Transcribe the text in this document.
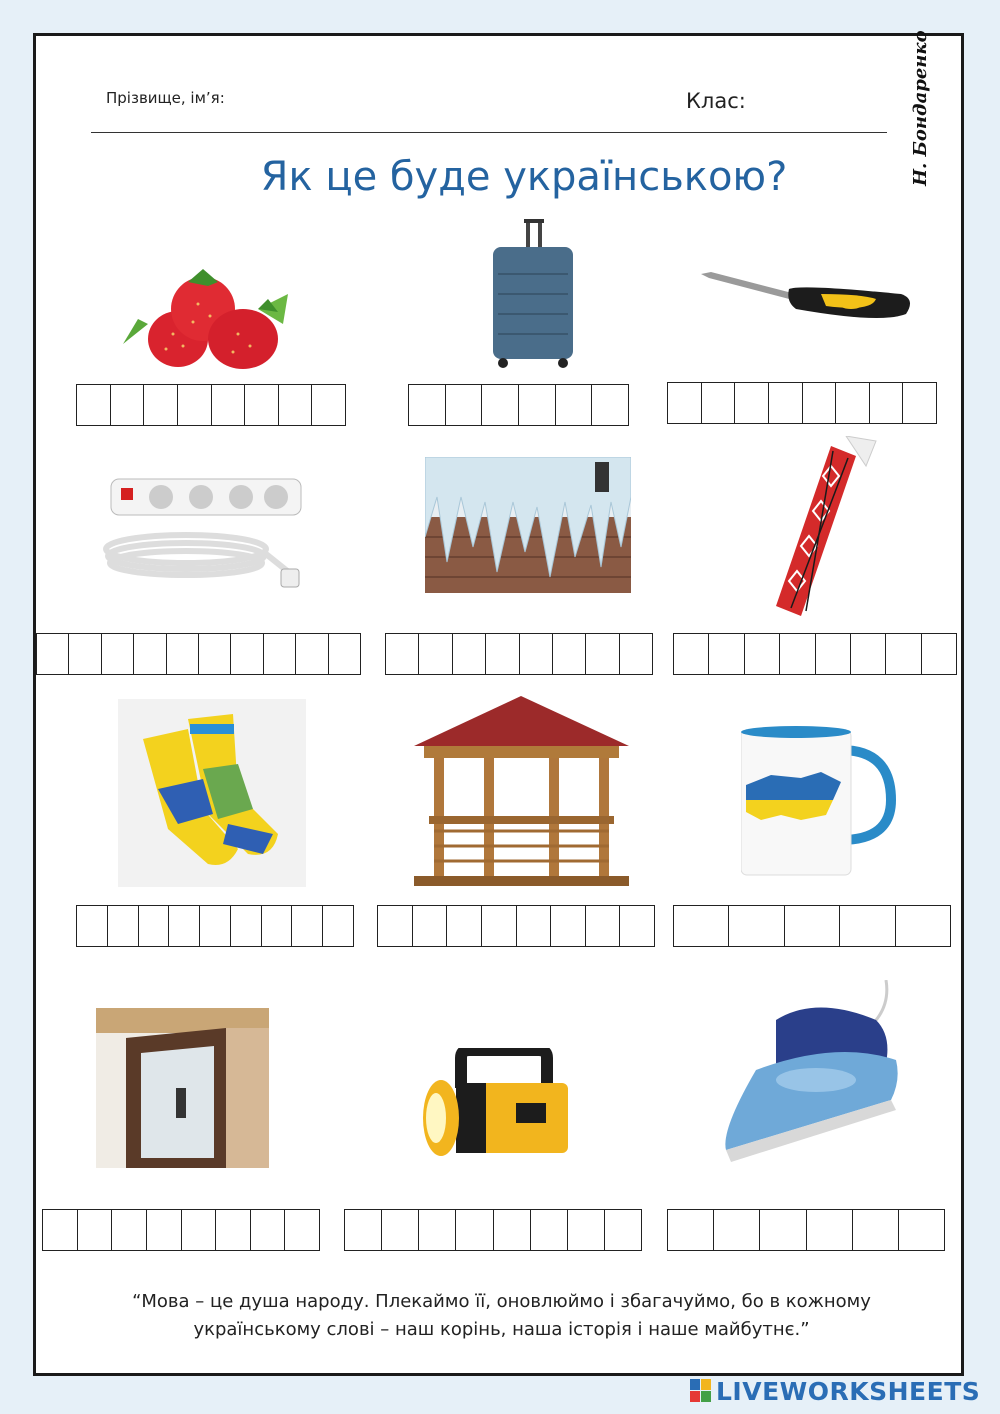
Прізвище, ім’я:	Клас:
Як це буде українською?	Н. Бондаренко
“Мова – це душа народу. Плекаймо її, оновлюймо і збагачуймо, бо в кожному
українському слові – наш корінь, наша історія і наше майбутнє.”
LIVEWORKSHEETS
